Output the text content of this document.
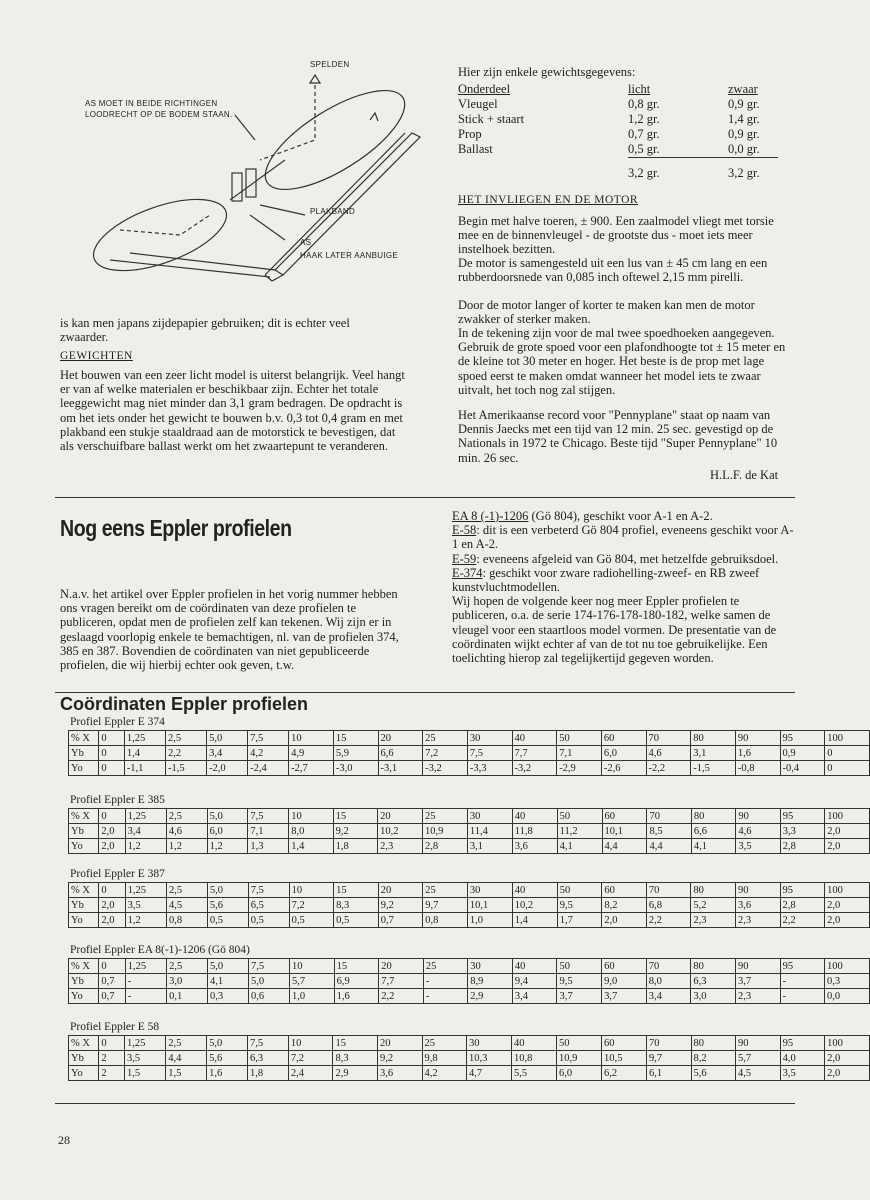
SPELDEN
AS MOET IN BEIDE RICHTINGEN
LOODRECHT OP DE BODEM STAAN.
PLAKBAND
AS
HAAK LATER AANBUIGE
is kan men japans zijdepapier gebruiken; dit is echter veel zwaarder.
GEWICHTEN
Het bouwen van een zeer licht model is uiterst belangrijk. Veel hangt er van af welke materialen er beschikbaar zijn. Echter het totale leeggewicht mag niet minder dan 3,1 gram bedragen. De opdracht is om het iets onder het gewicht te bouwen b.v. 0,3 tot 0,4 gram en met plakband een stukje staaldraad aan de motorstick te bevestigen, dat als verschuifbare ballast werkt om het zwaartepunt te veranderen.
Hier zijn enkele gewichtsgegevens:
Onderdeel	licht	zwaar
Vleugel	0,8 gr.	0,9 gr.
Stick + staart	1,2 gr.	1,4 gr.
Prop	0,7 gr.	0,9 gr.
Ballast	0,5 gr.	0,0 gr.
	3,2 gr.	3,2 gr.
HET INVLIEGEN EN DE MOTOR
Begin met halve toeren, ± 900. Een zaalmodel vliegt met torsie mee en de binnenvleugel - de grootste dus - moet iets meer instelhoek bezitten.
De motor is samengesteld uit een lus van ± 45 cm lang en een rubberdoorsnede van 0,085 inch oftewel 2,15 mm pirelli.
Door de motor langer of korter te maken kan men de motor zwakker of sterker maken.
In de tekening zijn voor de mal twee spoedhoeken aangegeven. Gebruik de grote spoed voor een plafondhoogte tot ± 15 meter en de kleine tot 30 meter en hoger. Het beste is de prop met lage spoed eerst te maken omdat wanneer het model iets te zwaar uitvalt, het toch nog zal stijgen.
Het Amerikaanse record voor "Pennyplane" staat op naam van Dennis Jaecks met een tijd van 12 min. 25 sec. gevestigd op de Nationals in 1972 te Chicago. Beste tijd "Super Pennyplane" 10 min. 26 sec.
H.L.F. de Kat
Nog eens Eppler profielen
N.a.v. het artikel over Eppler profielen in het vorig nummer hebben ons vragen bereikt om de coördinaten van deze profielen te publiceren, opdat men de profielen zelf kan tekenen. Wij zijn er in geslaagd voorlopig enkele te bemachtigen, nl. van de profielen 374, 385 en 387. Bovendien de coördinaten van niet gepubliceerde profielen, die wij hierbij echter ook geven, t.w.
EA 8 (-1)-1206 (Gö 804), geschikt voor A-1 en A-2.
E-58: dit is een verbeterd Gö 804 profiel, eveneens geschikt voor A-1 en A-2.
E-59: eveneens afgeleid van Gö 804, met hetzelfde gebruiksdoel.
E-374: geschikt voor zware radiohelling-zweef- en RB zweef kunstvluchtmodellen.
Wij hopen de volgende keer nog meer Eppler profielen te publiceren, o.a. de serie 174-176-178-180-182, welke samen de vleugel voor een staartloos model vormen. De presentatie van de coördinaten wijkt echter af van de tot nu toe gebruikelijke. Een toelichting hierop zal tegelijkertijd gegeven worden.
Coördinaten Eppler profielen
Profiel Eppler E 374
% X	0	1,25	2,5	5,0	7,5	10	15	20	25	30	40	50	60	70	80	90	95	100
Yb	0	1,4	2,2	3,4	4,2	4,9	5,9	6,6	7,2	7,5	7,7	7,1	6,0	4,6	3,1	1,6	0,9	0
Yo	0	-1,1	-1,5	-2,0	-2,4	-2,7	-3,0	-3,1	-3,2	-3,3	-3,2	-2,9	-2,6	-2,2	-1,5	-0,8	-0,4	0
Profiel Eppler E 385
% X	0	1,25	2,5	5,0	7,5	10	15	20	25	30	40	50	60	70	80	90	95	100
Yb	2,0	3,4	4,6	6,0	7,1	8,0	9,2	10,2	10,9	11,4	11,8	11,2	10,1	8,5	6,6	4,6	3,3	2,0
Yo	2,0	1,2	1,2	1,2	1,3	1,4	1,8	2,3	2,8	3,1	3,6	4,1	4,4	4,4	4,1	3,5	2,8	2,0
Profiel Eppler E 387
% X	0	1,25	2,5	5,0	7,5	10	15	20	25	30	40	50	60	70	80	90	95	100
Yb	2,0	3,5	4,5	5,6	6,5	7,2	8,3	9,2	9,7	10,1	10,2	9,5	8,2	6,8	5,2	3,6	2,8	2,0
Yo	2,0	1,2	0,8	0,5	0,5	0,5	0,5	0,7	0,8	1,0	1,4	1,7	2,0	2,2	2,3	2,3	2,2	2,0
Profiel Eppler EA 8(-1)-1206 (Gö 804)
% X	0	1,25	2,5	5,0	7,5	10	15	20	25	30	40	50	60	70	80	90	95	100
Yb	0,7	-	3,0	4,1	5,0	5,7	6,9	7,7	-	8,9	9,4	9,5	9,0	8,0	6,3	3,7	-	0,3
Yo	0,7	-	0,1	0,3	0,6	1,0	1,6	2,2	-	2,9	3,4	3,7	3,7	3,4	3,0	2,3	-	0,0
Profiel Eppler E 58
% X	0	1,25	2,5	5,0	7,5	10	15	20	25	30	40	50	60	70	80	90	95	100
Yb	2	3,5	4,4	5,6	6,3	7,2	8,3	9,2	9,8	10,3	10,8	10,9	10,5	9,7	8,2	5,7	4,0	2,0
Yo	2	1,5	1,5	1,6	1,8	2,4	2,9	3,6	4,2	4,7	5,5	6,0	6,2	6,1	5,6	4,5	3,5	2,0
28
